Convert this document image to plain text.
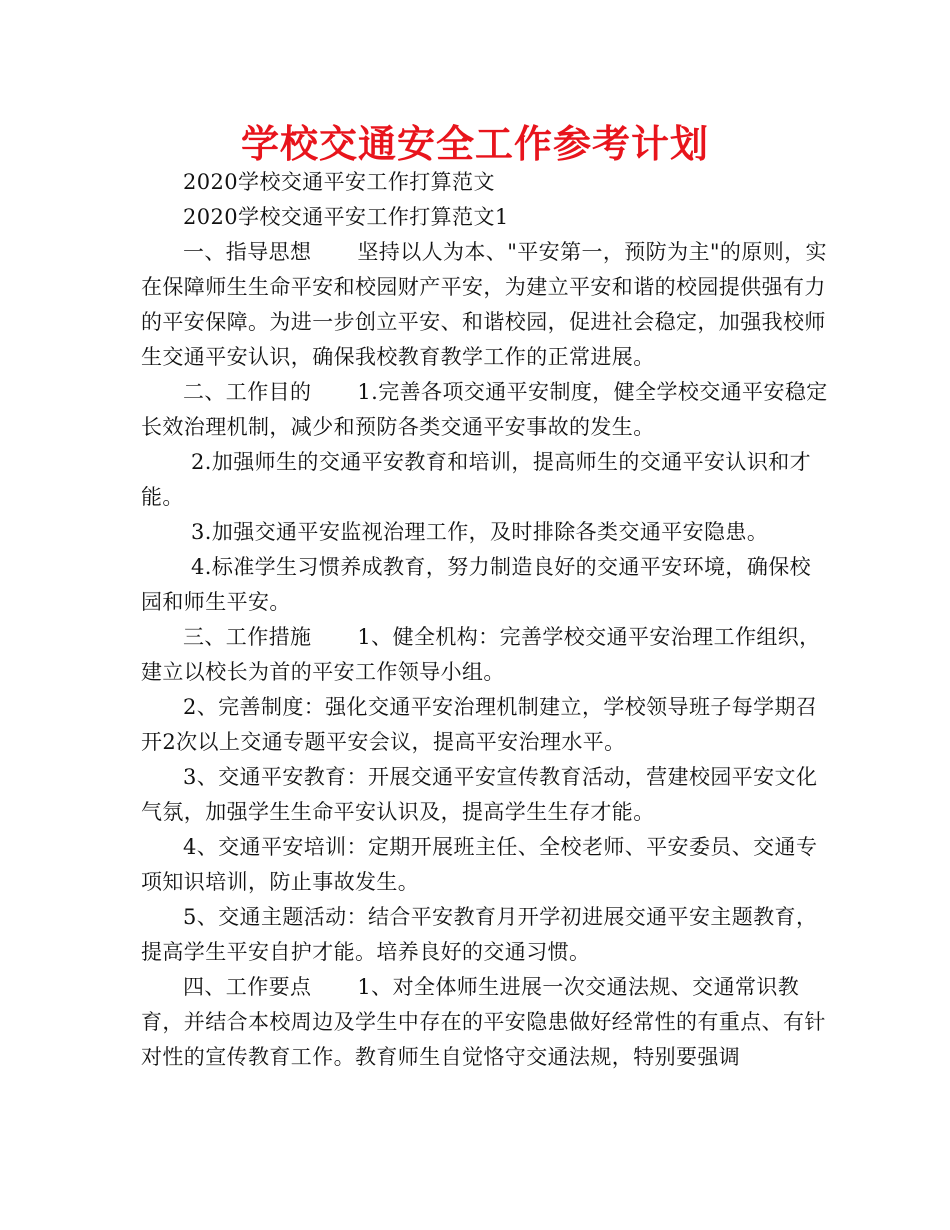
学校交通安全工作参考计划

2020学校交通平安工作打算范文

2020学校交通平安工作打算范文1

一、指导思想 坚持以人为本、"平安第一，预防为主"的原则，实在保障师生生命平安和校园财产平安，为建立平安和谐的校园提供强有力的平安保障。为进一步创立平安、和谐校园，促进社会稳定，加强我校师生交通平安认识，确保我校教育教学工作的正常进展。

二、工作目的 1.完善各项交通平安制度，健全学校交通平安稳定长效治理机制，减少和预防各类交通平安事故的发生。

2.加强师生的交通平安教育和培训，提高师生的交通平安认识和才能。

3.加强交通平安监视治理工作，及时排除各类交通平安隐患。

4.标准学生习惯养成教育，努力制造良好的交通平安环境，确保校园和师生平安。

三、工作措施 1、健全机构：完善学校交通平安治理工作组织，建立以校长为首的平安工作领导小组。

2、完善制度：强化交通平安治理机制建立，学校领导班子每学期召开2次以上交通专题平安会议，提高平安治理水平。

3、交通平安教育：开展交通平安宣传教育活动，营建校园平安文化气氛，加强学生生命平安认识及，提高学生生存才能。

4、交通平安培训：定期开展班主任、全校老师、平安委员、交通专项知识培训，防止事故发生。

5、交通主题活动：结合平安教育月开学初进展交通平安主题教育，提高学生平安自护才能。培养良好的交通习惯。

四、工作要点 1、对全体师生进展一次交通法规、交通常识教育，并结合本校周边及学生中存在的平安隐患做好经常性的有重点、有针对性的宣传教育工作。教育师生自觉恪守交通法规，特别要强调
